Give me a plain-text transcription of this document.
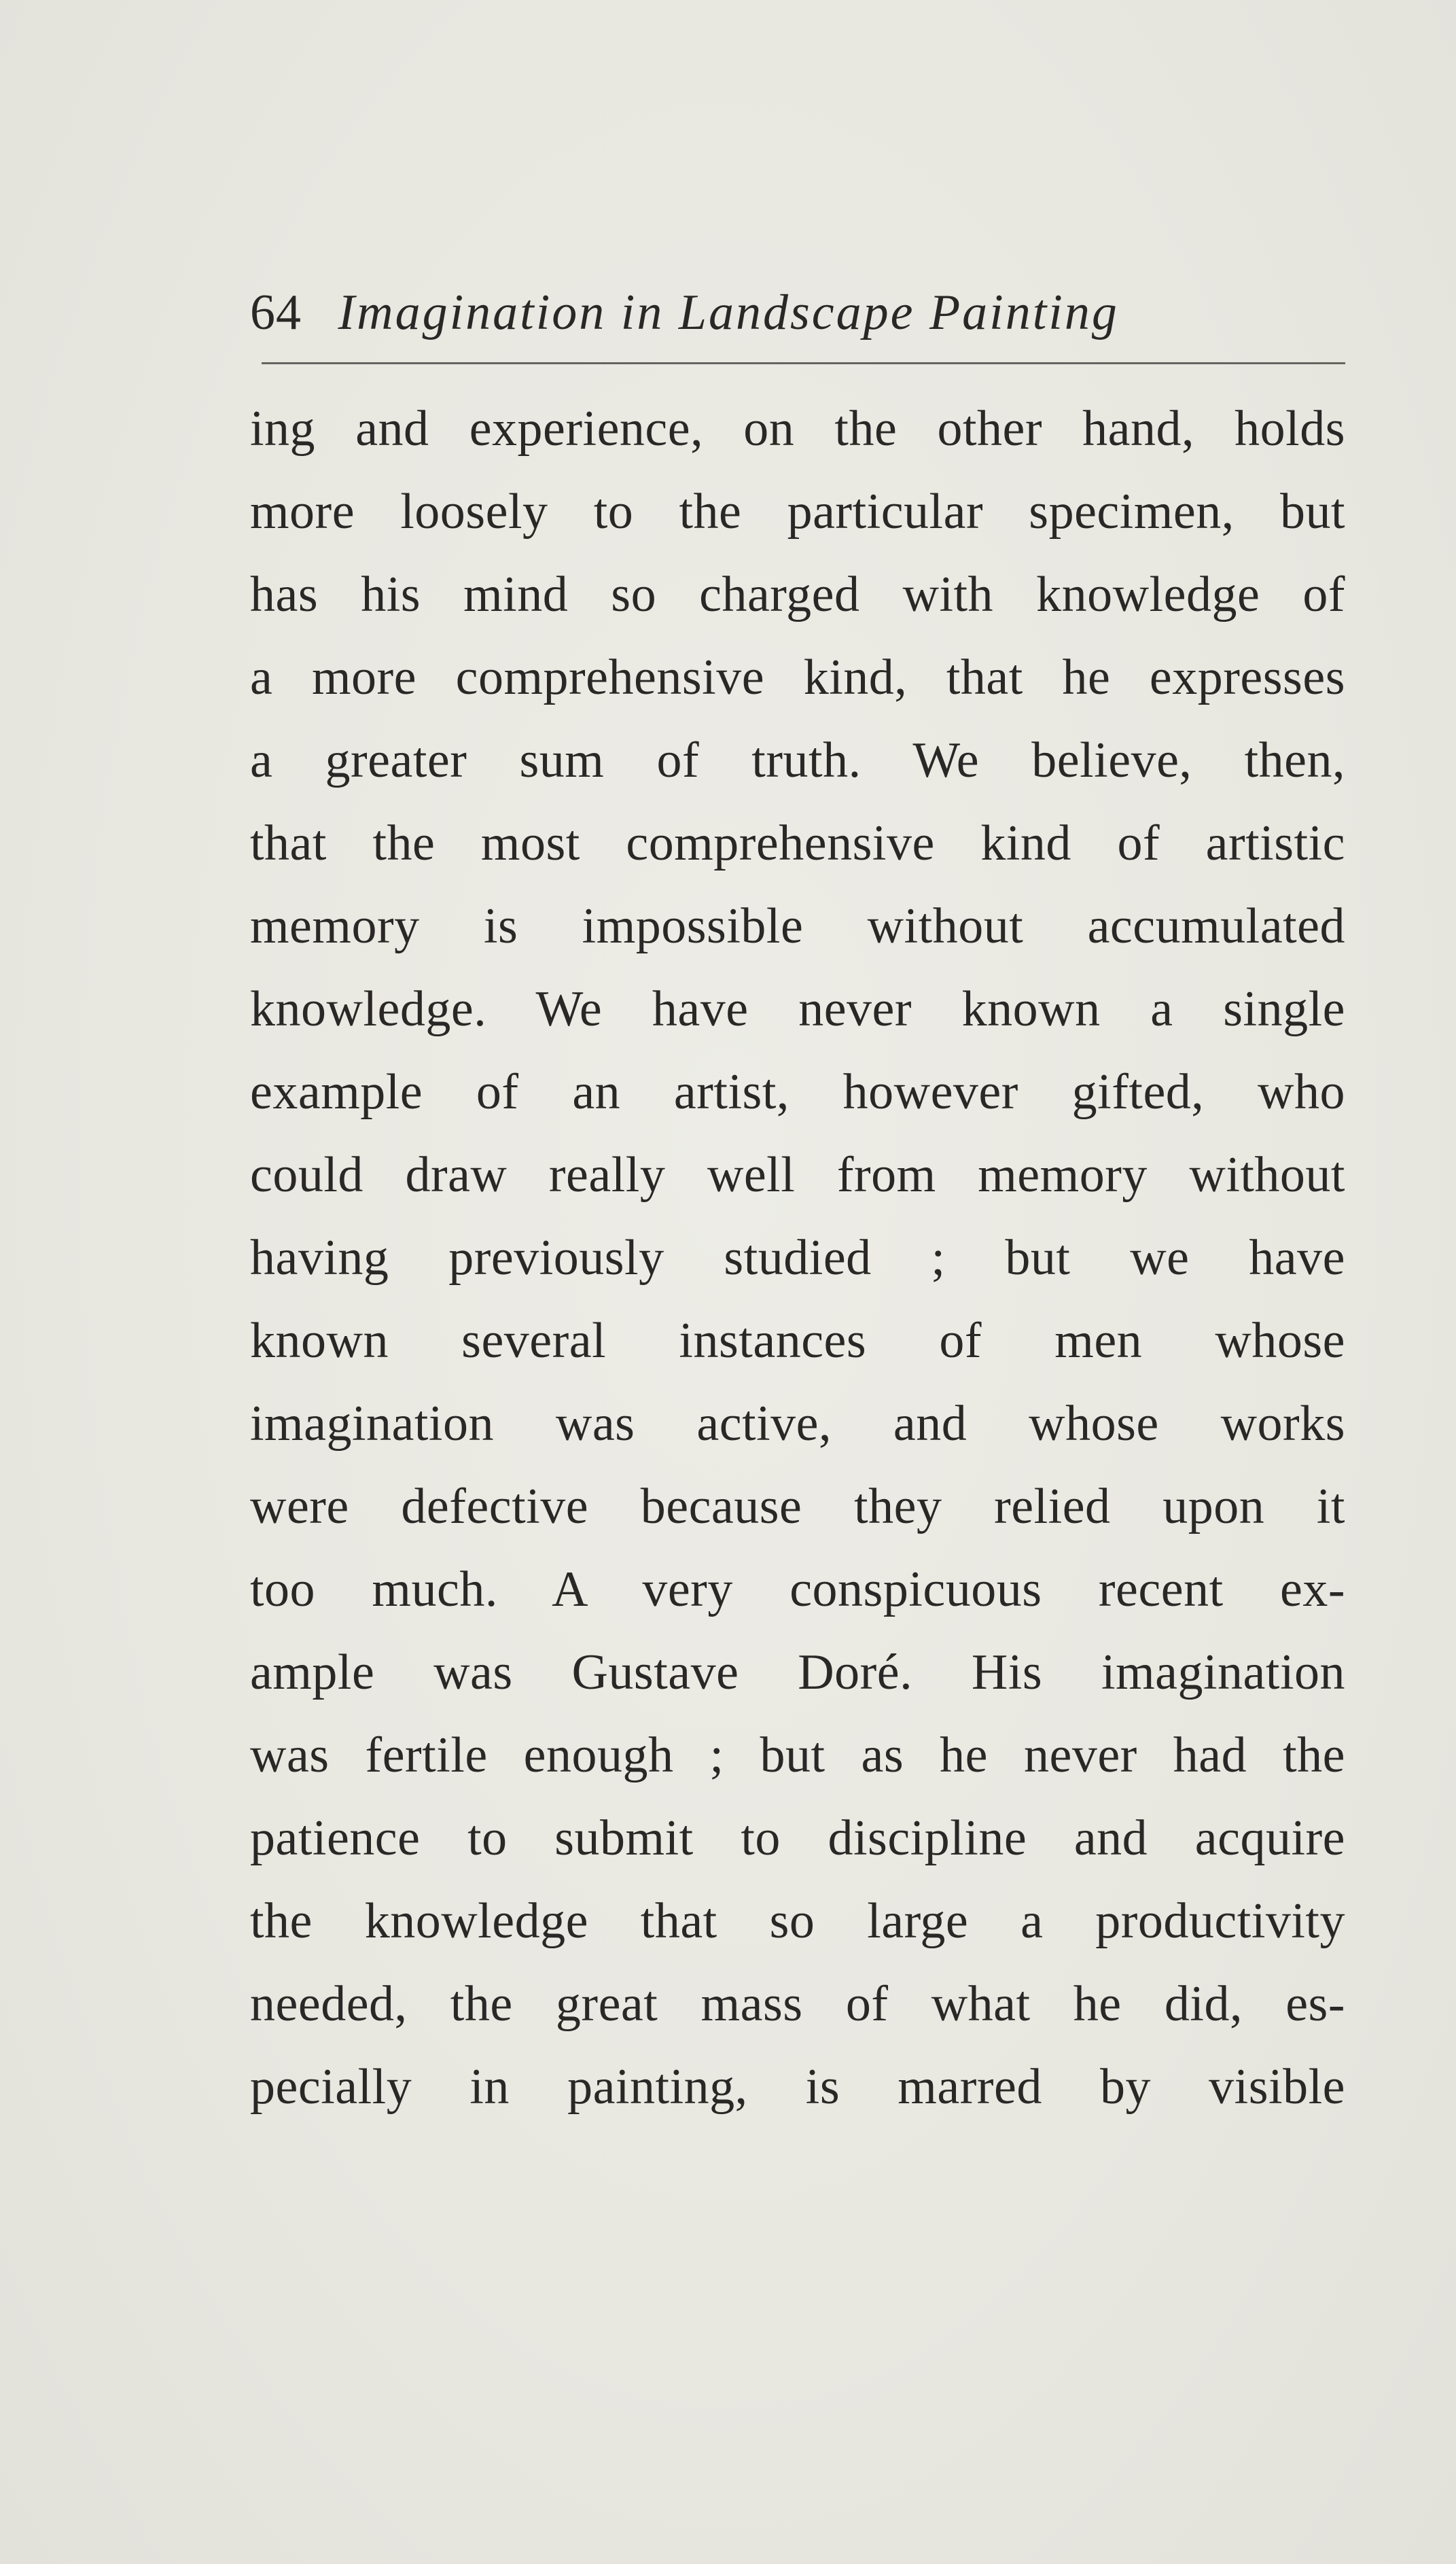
64 Imagination in Landscape Painting
ing and experience, on the other hand, holds
more loosely to the particular specimen, but
has his mind so charged with knowledge of
a more comprehensive kind, that he expresses
a greater sum of truth. We believe, then,
that the most comprehensive kind of artistic
memory is impossible without accumulated
knowledge. We have never known a single
example of an artist, however gifted, who
could draw really well from memory without
having previously studied ; but we have
known several instances of men whose
imagination was active, and whose works
were defective because they relied upon it
too much. A very conspicuous recent ex-
ample was Gustave Doré. His imagination
was fertile enough ; but as he never had the
patience to submit to discipline and acquire
the knowledge that so large a productivity
needed, the great mass of what he did, es-
pecially in painting, is marred by visible
